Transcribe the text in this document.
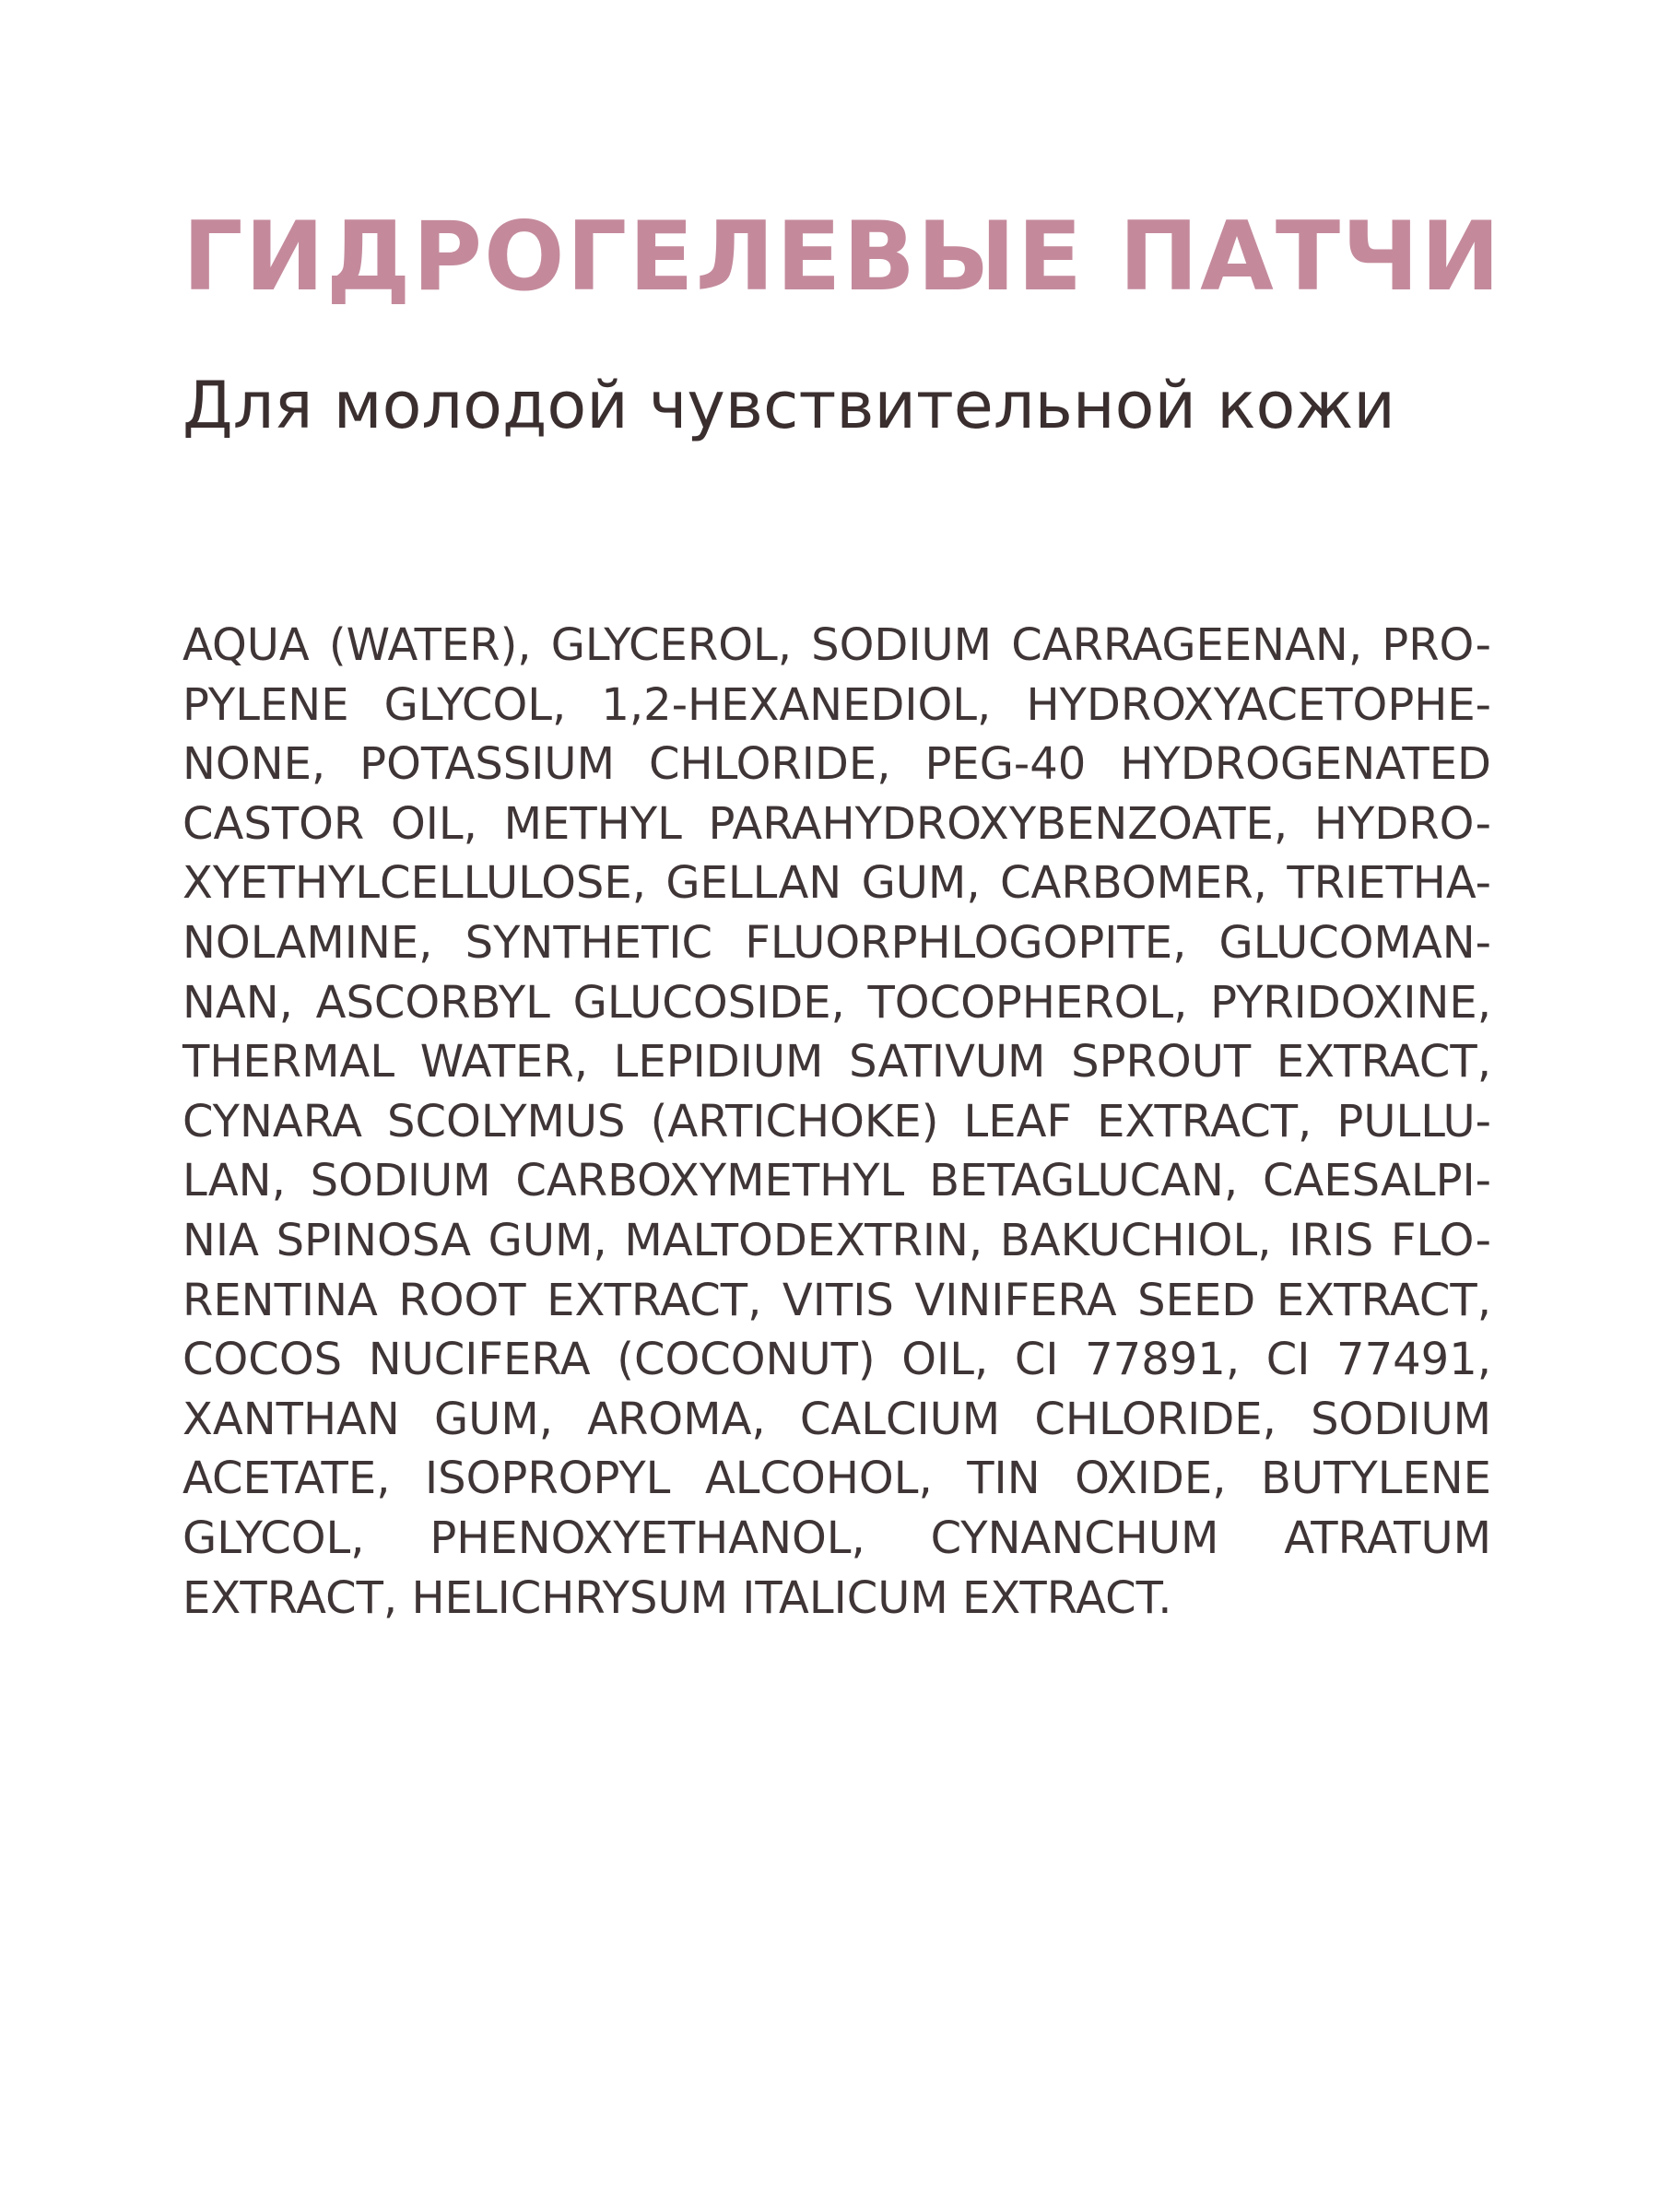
ГИДРОГЕЛЕВЫЕ ПАТЧИ
Для молодой чувствительной кожи
AQUA (WATER), GLYCEROL, SODIUM CARRAGEENAN, PRO-
PYLENE GLYCOL, 1,2-HEXANEDIOL, HYDROXYACETOPHE-
NONE, POTASSIUM CHLORIDE, PEG-40 HYDROGENATED
CASTOR OIL, METHYL PARAHYDROXYBENZOATE, HYDRO-
XYETHYLCELLULOSE, GELLAN GUM, CARBOMER, TRIETHA-
NOLAMINE, SYNTHETIC FLUORPHLOGOPITE, GLUCOMAN-
NAN, ASCORBYL GLUCOSIDE, TOCOPHEROL, PYRIDOXINE,
THERMAL WATER, LEPIDIUM SATIVUM SPROUT EXTRACT,
CYNARA SCOLYMUS (ARTICHOKE) LEAF EXTRACT, PULLU-
LAN, SODIUM CARBOXYMETHYL BETAGLUCAN, CAESALPI-
NIA SPINOSA GUM, MALTODEXTRIN, BAKUCHIOL, IRIS FLO-
RENTINA ROOT EXTRACT, VITIS VINIFERA SEED EXTRACT,
COCOS NUCIFERA (COCONUT) OIL, CI 77891, CI 77491,
XANTHAN GUM, AROMA, CALCIUM CHLORIDE, SODIUM
ACETATE, ISOPROPYL ALCOHOL, TIN OXIDE, BUTYLENE
GLYCOL, PHENOXYETHANOL, CYNANCHUM ATRATUM
EXTRACT, HELICHRYSUM ITALICUM EXTRACT.
